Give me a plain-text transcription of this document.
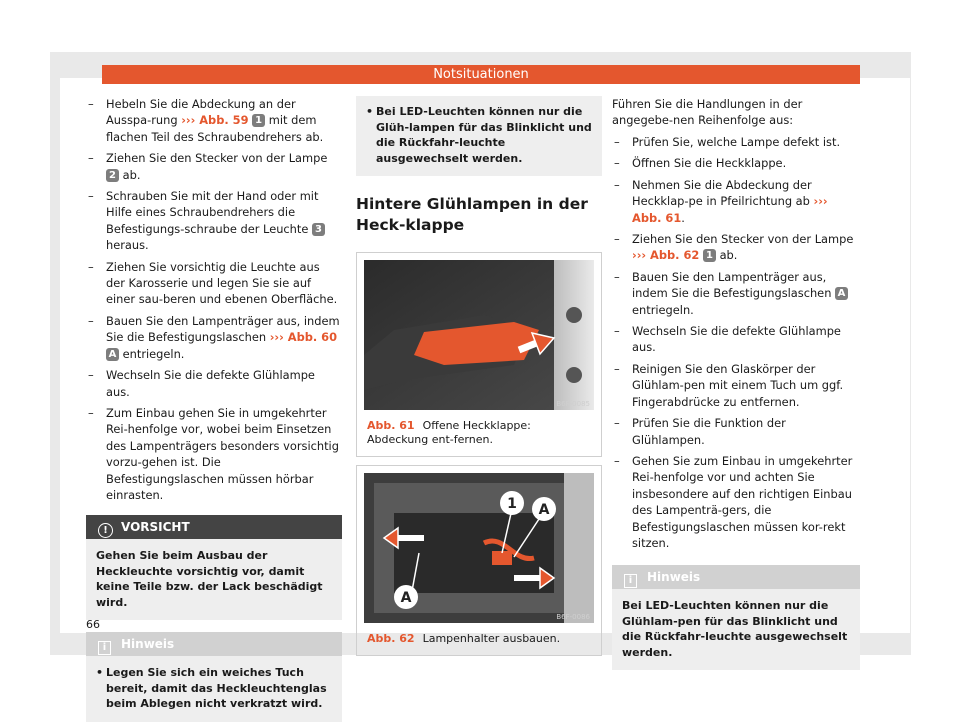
Notsituationen
– Hebeln Sie die Abdeckung an der Ausspa-rung ››› Abb. 59 1 mit dem flachen Teil des Schraubendrehers ab.
– Ziehen Sie den Stecker von der Lampe 2 ab.
– Schrauben Sie mit der Hand oder mit Hilfe eines Schraubendrehers die Befestigungs-schraube der Leuchte 3 heraus.
– Ziehen Sie vorsichtig die Leuchte aus der Karosserie und legen Sie sie auf einer sau-beren und ebenen Oberfläche.
– Bauen Sie den Lampenträger aus, indem Sie die Befestigungslaschen ››› Abb. 60 A entriegeln.
– Wechseln Sie die defekte Glühlampe aus.
– Zum Einbau gehen Sie in umgekehrter Rei-henfolge vor, wobei beim Einsetzen des Lampenträgers besonders vorsichtig vorzu-gehen ist. Die Befestigungslaschen müssen hörbar einrasten.
! VORSICHT
Gehen Sie beim Ausbau der Heckleuchte vorsichtig vor, damit keine Teile bzw. der Lack beschädigt wird.
i Hinweis
• Legen Sie sich ein weiches Tuch bereit, damit das Heckleuchtenglas beim Ablegen nicht verkratzt wird.
• Bei LED-Leuchten können nur die Glüh-lampen für das Blinklicht und die Rückfahr-leuchte ausgewechselt werden.
Hintere Glühlampen in der Heck-klappe
B6F-0085
Abb. 61 Offene Heckklappe: Abdeckung ent-fernen.
1 A
A
B6F-0086
Abb. 62 Lampenhalter ausbauen.

Führen Sie die Handlungen in der angegebe-nen Reihenfolge aus:

– Prüfen Sie, welche Lampe defekt ist.
– Öffnen Sie die Heckklappe.
– Nehmen Sie die Abdeckung der Heckklap-pe in Pfeilrichtung ab ››› Abb. 61.
– Ziehen Sie den Stecker von der Lampe ››› Abb. 62 1 ab.
– Bauen Sie den Lampenträger aus, indem Sie die Befestigungslaschen A entriegeln.
– Wechseln Sie die defekte Glühlampe aus.
– Reinigen Sie den Glaskörper der Glühlam-pen mit einem Tuch um ggf. Fingerabdrücke zu entfernen.
– Prüfen Sie die Funktion der Glühlampen.
– Gehen Sie zum Einbau in umgekehrter Rei-henfolge vor und achten Sie insbesondere auf den richtigen Einbau des Lampenträ-gers, die Befestigungslaschen müssen kor-rekt sitzen.
i Hinweis
Bei LED-Leuchten können nur die Glühlam-pen für das Blinklicht und die Rückfahr-leuchte ausgewechselt werden.
66
